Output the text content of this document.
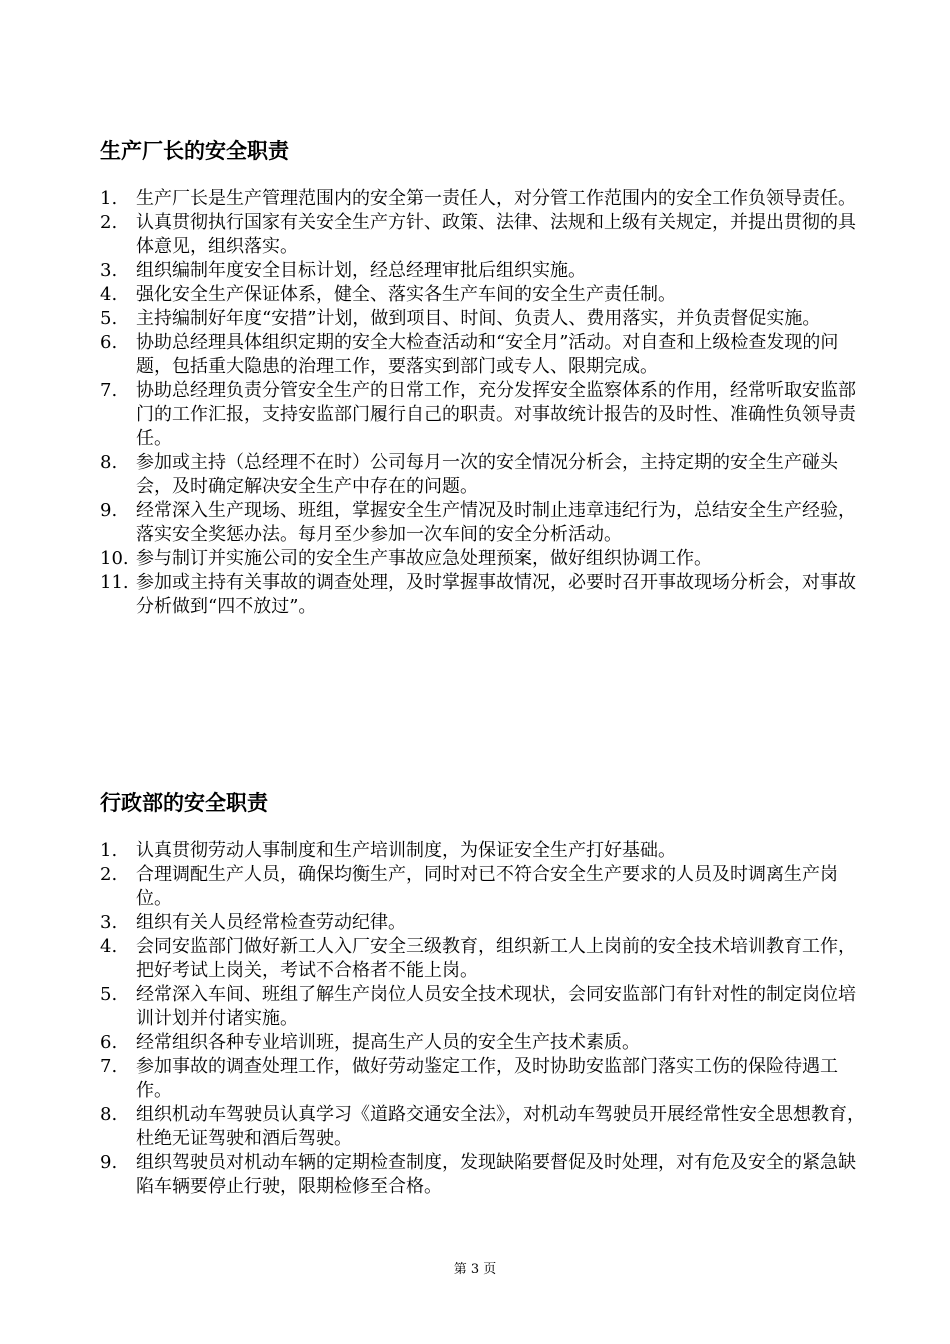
生产厂长的安全职责
1.	生产厂长是生产管理范围内的安全第一责任人，对分管工作范围内的安全工作负领导责任。
2.	认真贯彻执行国家有关安全生产方针、政策、法律、法规和上级有关规定，并提出贯彻的具体意见，组织落实。
3.	组织编制年度安全目标计划，经总经理审批后组织实施。
4.	强化安全生产保证体系，健全、落实各生产车间的安全生产责任制。
5.	主持编制好年度“安措”计划，做到项目、时间、负责人、费用落实，并负责督促实施。
6.	协助总经理具体组织定期的安全大检查活动和“安全月”活动。对自查和上级检查发现的问题，包括重大隐患的治理工作，要落实到部门或专人、限期完成。
7.	协助总经理负责分管安全生产的日常工作，充分发挥安全监察体系的作用，经常听取安监部门的工作汇报，支持安监部门履行自己的职责。对事故统计报告的及时性、准确性负领导责任。
8.	参加或主持（总经理不在时）公司每月一次的安全情况分析会，主持定期的安全生产碰头会，及时确定解决安全生产中存在的问题。
9.	经常深入生产现场、班组，掌握安全生产情况及时制止违章违纪行为，总结安全生产经验，落实安全奖惩办法。每月至少参加一次车间的安全分析活动。
10. 参与制订并实施公司的安全生产事故应急处理预案，做好组织协调工作。
11. 参加或主持有关事故的调查处理，及时掌握事故情况，必要时召开事故现场分析会，对事故分析做到“四不放过”。
行政部的安全职责
1.	认真贯彻劳动人事制度和生产培训制度，为保证安全生产打好基础。
2.	合理调配生产人员，确保均衡生产，同时对已不符合安全生产要求的人员及时调离生产岗位。
3.	组织有关人员经常检查劳动纪律。
4.	会同安监部门做好新工人入厂安全三级教育，组织新工人上岗前的安全技术培训教育工作，把好考试上岗关，考试不合格者不能上岗。
5.	经常深入车间、班组了解生产岗位人员安全技术现状，会同安监部门有针对性的制定岗位培训计划并付诸实施。
6.	经常组织各种专业培训班，提高生产人员的安全生产技术素质。
7.	参加事故的调查处理工作，做好劳动鉴定工作，及时协助安监部门落实工伤的保险待遇工作。
8.	组织机动车驾驶员认真学习《道路交通安全法》，对机动车驾驶员开展经常性安全思想教育，杜绝无证驾驶和酒后驾驶。
9.	组织驾驶员对机动车辆的定期检查制度，发现缺陷要督促及时处理，对有危及安全的紧急缺陷车辆要停止行驶，限期检修至合格。
第 3 页
